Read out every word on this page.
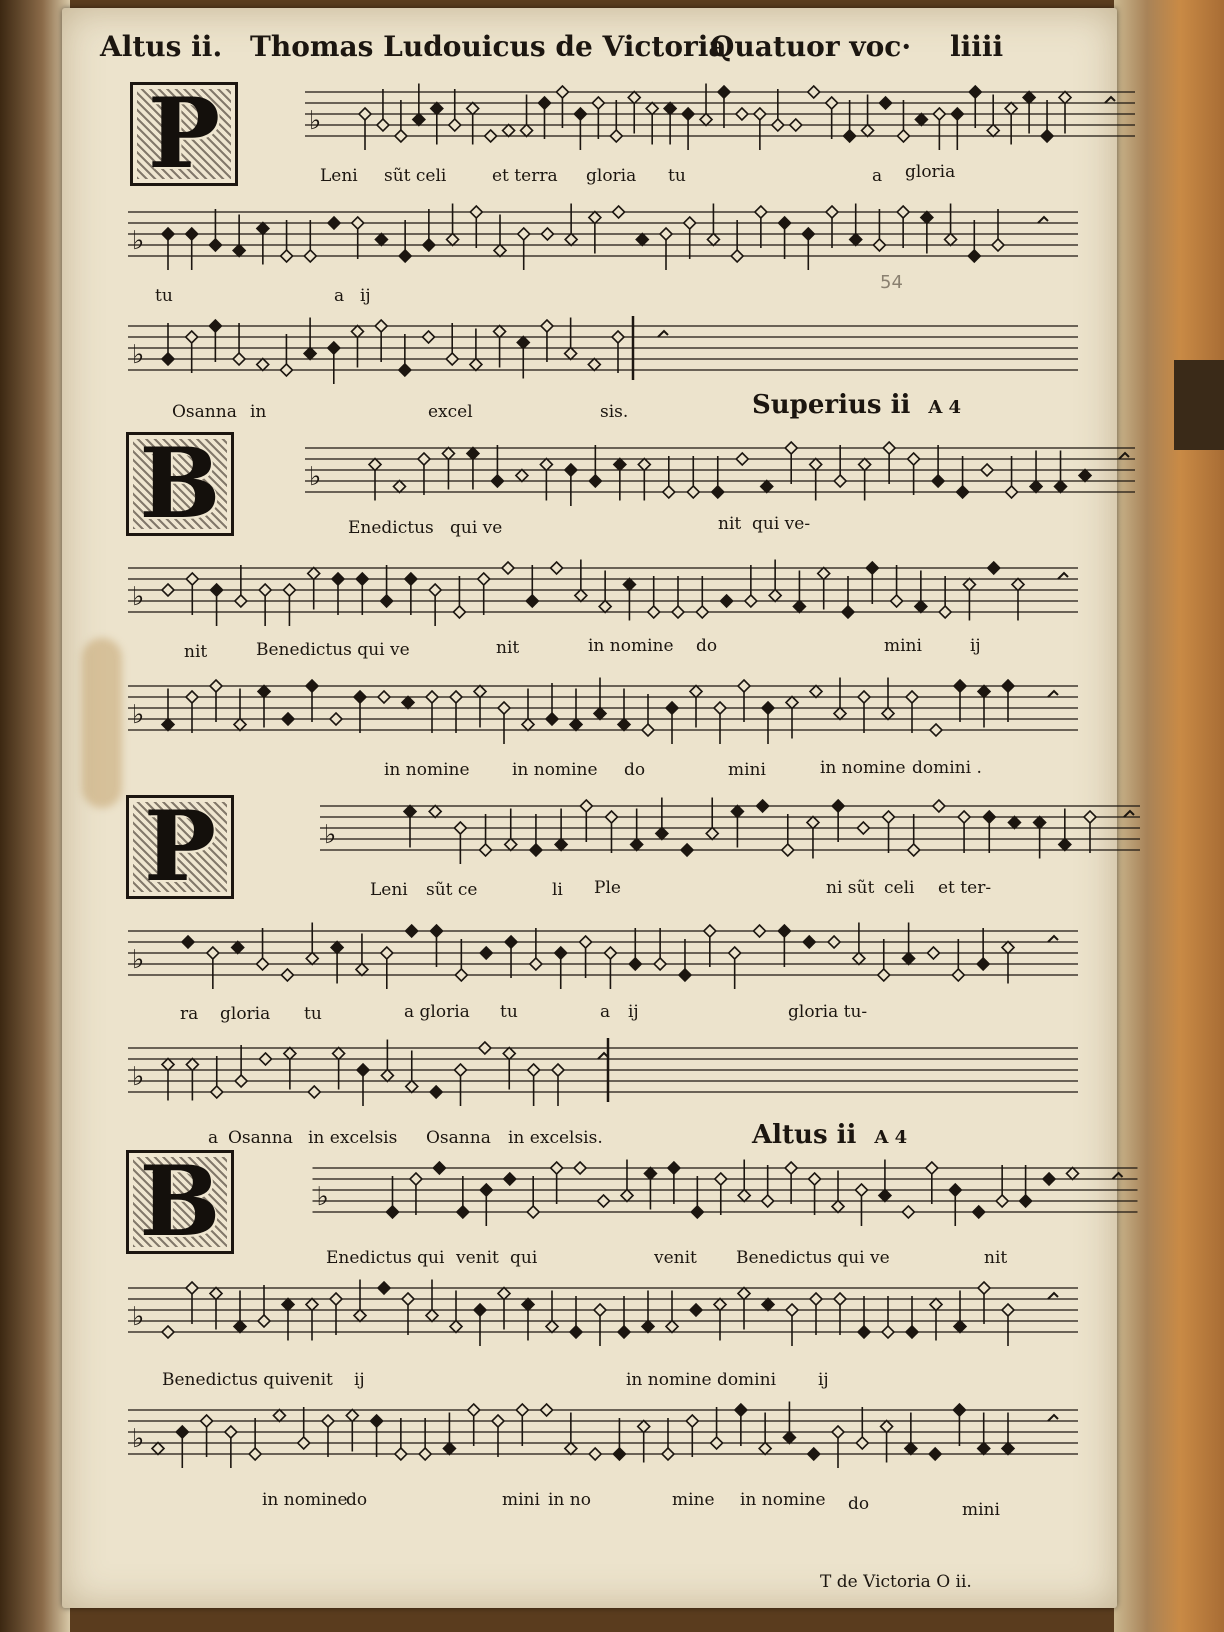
Altus ii. Thomas Ludouicus de Victoria
Quatuor voc· liiii
54
P
B
P
B
♭
♭
♭
♭
♭
♭
♭
♭
♭
♭
♭
♭
Leni sũt celi	et terra gloria tu	a gloria
tu	a ij
Osanna in	excel	sis.	Superius ii A 4
Enedictus qui ve	nit qui ve-
nit	Benedictus qui ve	nit	in nomine do	mini	ij
in nomine in nomine do	mini	in nomine domini .
Leni sũt ce	li Ple	ni sũt celi et ter-
ra gloria tu	a gloria tu	a ij	gloria tu-
a Osanna in excelsis Osanna in excelsis.	Altus ii A 4
Enedictus qui venit qui	venit Benedictus qui ve	nit
Benedictus qui venit ij	in nomine domini ij
in nomine
do	mini in no	mine in nomine do	mini
T de Victoria O ii.
